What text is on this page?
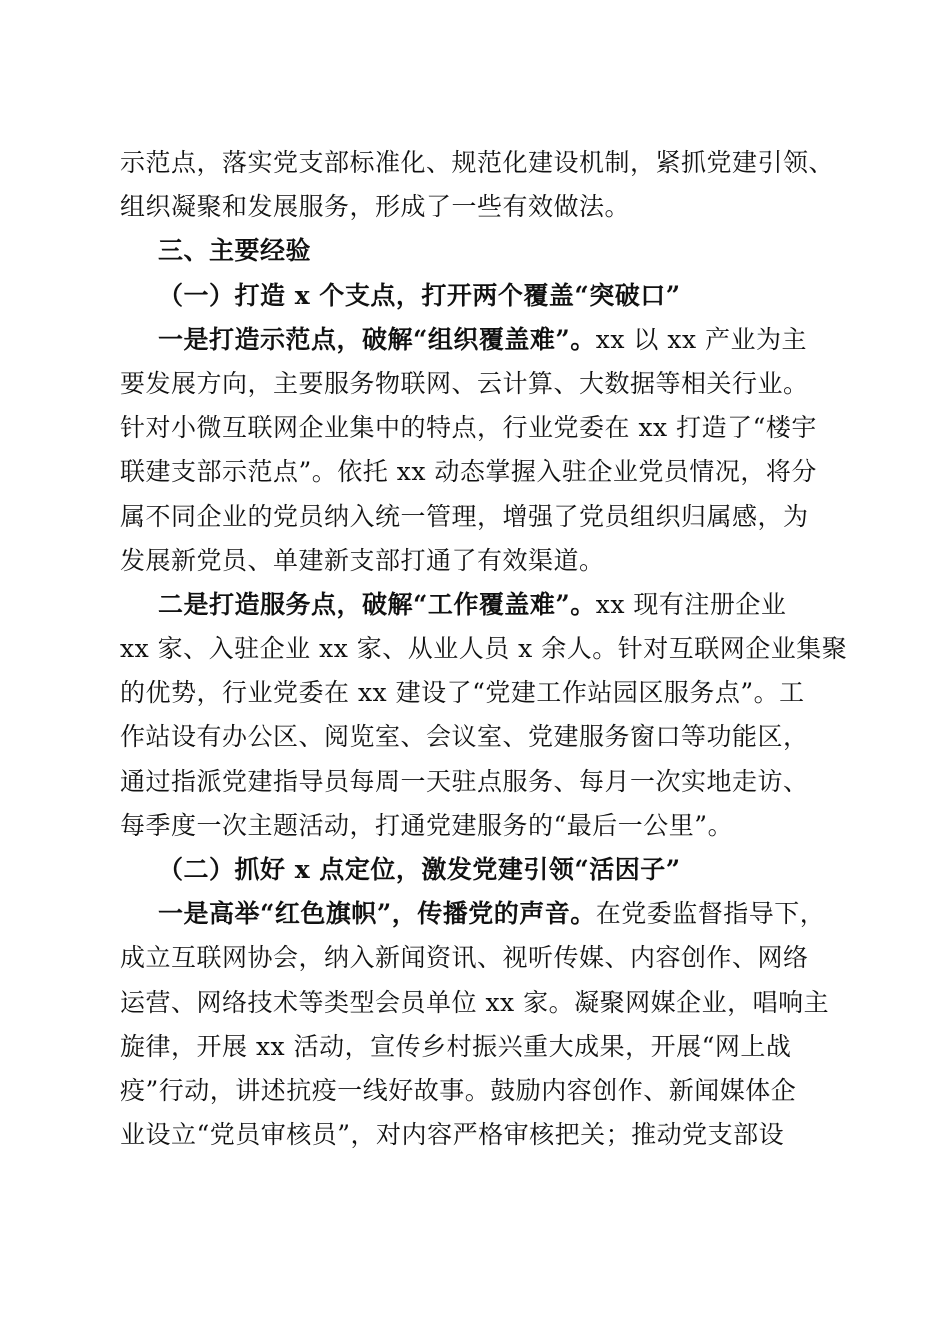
示范点，落实党支部标准化、规范化建设机制，紧抓党建引领、
组织凝聚和发展服务，形成了一些有效做法。
三、主要经验
（一）打造 x 个支点，打开两个覆盖“突破口”
一是打造示范点，破解“组织覆盖难”。xx 以 xx 产业为主
要发展方向，主要服务物联网、云计算、大数据等相关行业。
针对小微互联网企业集中的特点，行业党委在 xx 打造了“楼宇
联建支部示范点”。依托 xx 动态掌握入驻企业党员情况，将分
属不同企业的党员纳入统一管理，增强了党员组织归属感，为
发展新党员、单建新支部打通了有效渠道。
二是打造服务点，破解“工作覆盖难”。xx 现有注册企业
xx 家、入驻企业 xx 家、从业人员 x 余人。针对互联网企业集聚
的优势，行业党委在 xx 建设了“党建工作站园区服务点”。工
作站设有办公区、阅览室、会议室、党建服务窗口等功能区，
通过指派党建指导员每周一天驻点服务、每月一次实地走访、
每季度一次主题活动，打通党建服务的“最后一公里”。
（二）抓好 x 点定位，激发党建引领“活因子”
一是高举“红色旗帜”，传播党的声音。在党委监督指导下，
成立互联网协会，纳入新闻资讯、视听传媒、内容创作、网络
运营、网络技术等类型会员单位 xx 家。凝聚网媒企业，唱响主
旋律，开展 xx 活动，宣传乡村振兴重大成果，开展“网上战
疫”行动，讲述抗疫一线好故事。鼓励内容创作、新闻媒体企
业设立“党员审核员”，对内容严格审核把关；推动党支部设
